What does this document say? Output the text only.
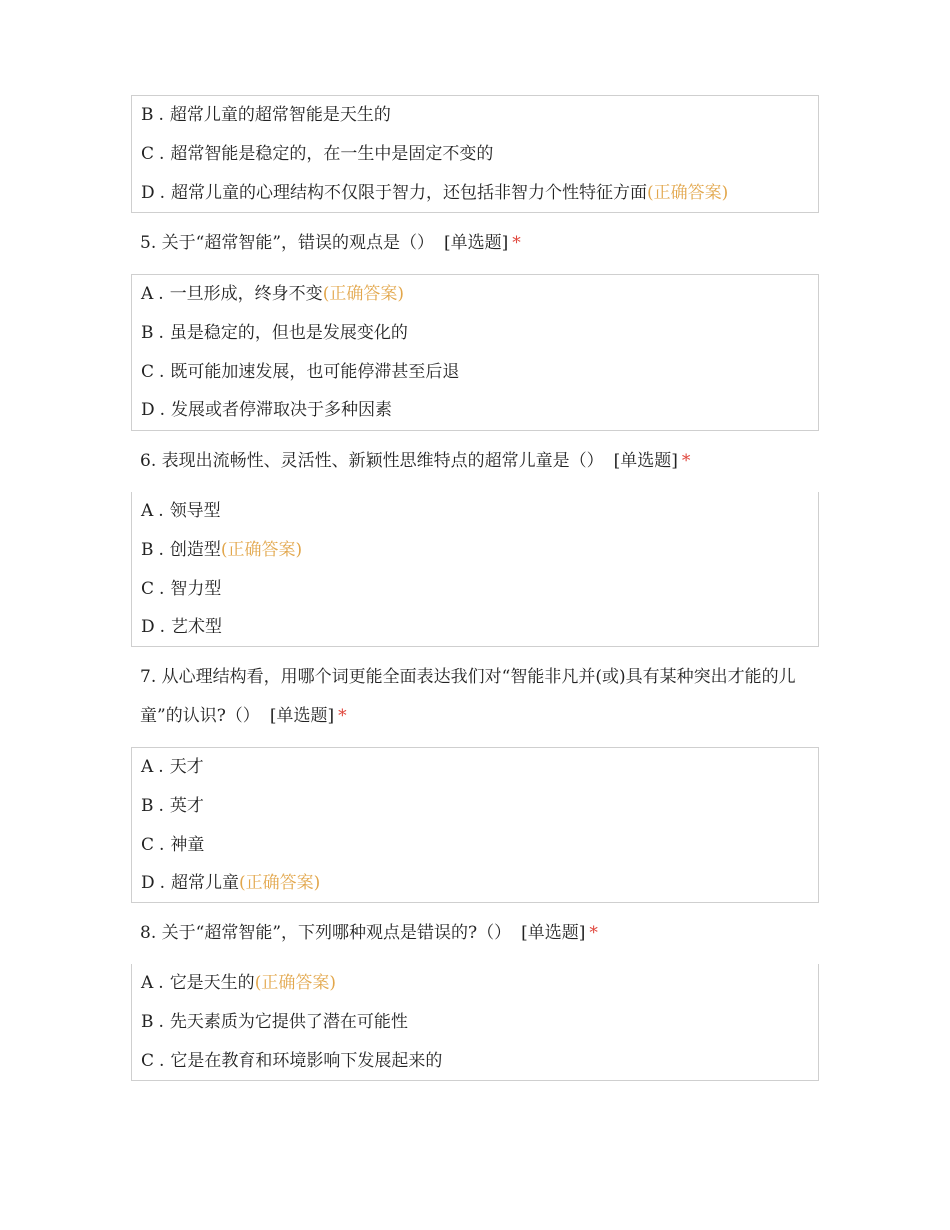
B . 超常儿童的超常智能是天生的
C . 超常智能是稳定的，在一生中是固定不变的
D . 超常儿童的心理结构不仅限于智力，还包括非智力个性特征方面(正确答案)
5. 关于“超常智能”，错误的观点是（） [单选题] *
A . 一旦形成，终身不变(正确答案)
B . 虽是稳定的，但也是发展变化的
C . 既可能加速发展，也可能停滞甚至后退
D . 发展或者停滞取决于多种因素
6. 表现出流畅性、灵活性、新颖性思维特点的超常儿童是（） [单选题] *
A . 领导型
B . 创造型(正确答案)
C . 智力型
D . 艺术型
7. 从心理结构看，用哪个词更能全面表达我们对“智能非凡并(或)具有某种突出才能的儿童”的认识?（） [单选题] *
A . 天才
B . 英才
C . 神童
D . 超常儿童(正确答案)
8. 关于“超常智能”，下列哪种观点是错误的?（） [单选题] *
A . 它是天生的(正确答案)
B . 先天素质为它提供了潜在可能性
C . 它是在教育和环境影响下发展起来的
